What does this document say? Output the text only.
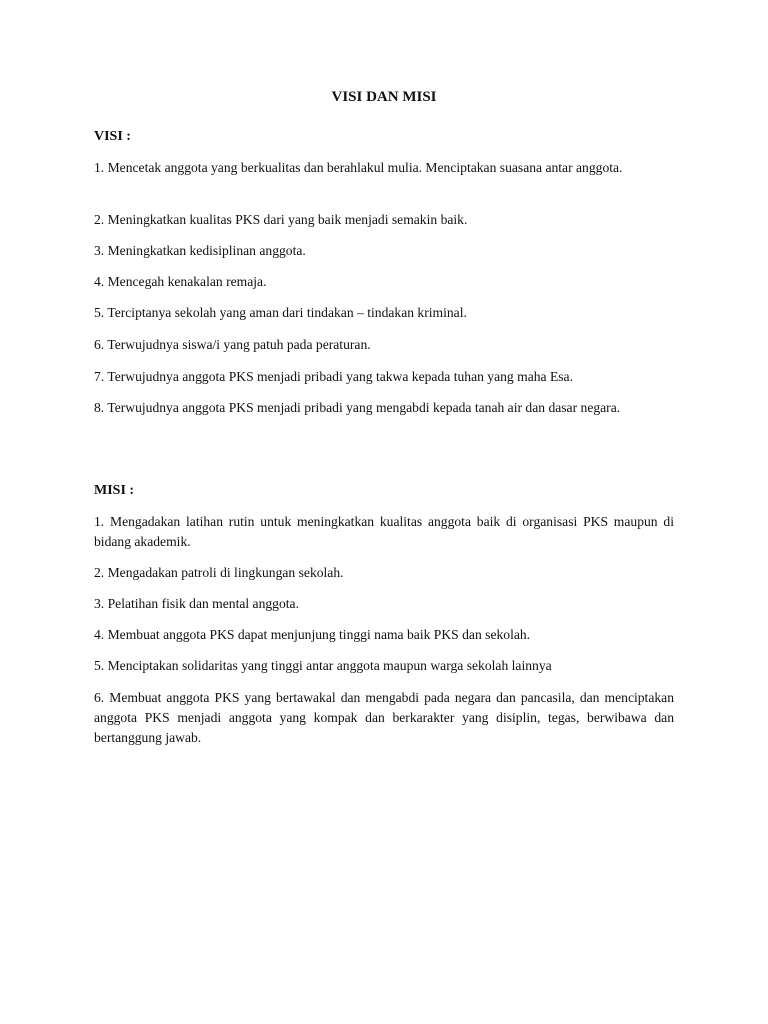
VISI DAN MISI
VISI :

1. Mencetak anggota yang berkualitas dan berahlakul mulia. Menciptakan suasana antar anggota.

2. Meningkatkan kualitas PKS dari yang baik menjadi semakin baik.

3. Meningkatkan kedisiplinan anggota.

4. Mencegah kenakalan remaja.

5. Terciptanya sekolah yang aman dari tindakan – tindakan kriminal.

6. Terwujudnya siswa/i yang patuh pada peraturan.

7. Terwujudnya anggota PKS menjadi pribadi yang takwa kepada tuhan yang maha Esa.

8. Terwujudnya anggota PKS menjadi pribadi yang mengabdi kepada tanah air dan dasar negara.

MISI :

1. Mengadakan latihan rutin untuk meningkatkan kualitas anggota baik di organisasi PKS maupun di bidang akademik.

2. Mengadakan patroli di lingkungan sekolah.

3. Pelatihan fisik dan mental anggota.

4. Membuat anggota PKS dapat menjunjung tinggi nama baik PKS dan sekolah.

5. Menciptakan solidaritas yang tinggi antar anggota maupun warga sekolah lainnya

6. Membuat anggota PKS yang bertawakal dan mengabdi pada negara dan pancasila, dan menciptakan anggota PKS menjadi anggota yang kompak dan berkarakter yang disiplin, tegas, berwibawa dan bertanggung jawab.
